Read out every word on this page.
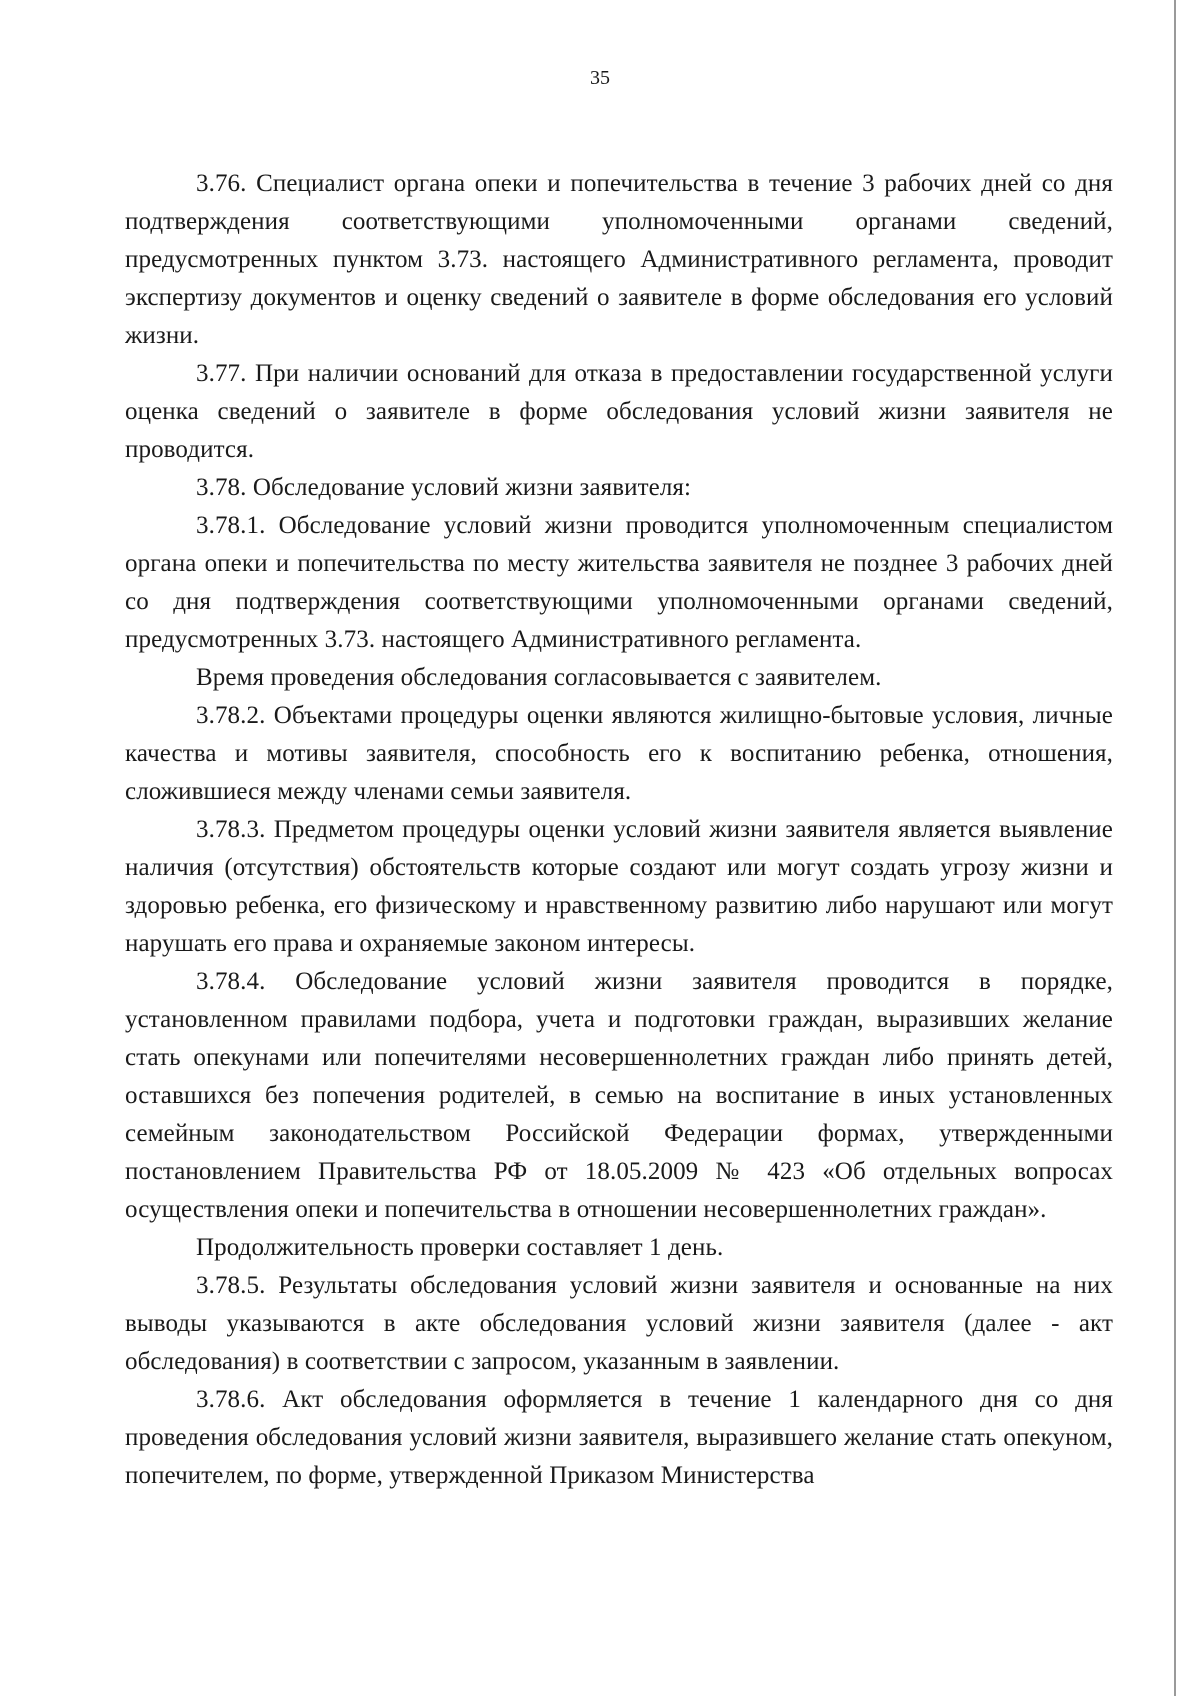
35

3.76. Специалист органа опеки и попечительства в течение 3 рабочих дней со дня подтверждения соответствующими уполномоченными органами сведений, предусмотренных пунктом 3.73. настоящего Административного регламента, проводит экспертизу документов и оценку сведений о заявителе в форме обследования его условий жизни.

3.77. При наличии оснований для отказа в предоставлении государственной услуги оценка сведений о заявителе в форме обследования условий жизни заявителя не проводится.

3.78. Обследование условий жизни заявителя:

3.78.1. Обследование условий жизни проводится уполномоченным специалистом органа опеки и попечительства по месту жительства заявителя не позднее 3 рабочих дней со дня подтверждения соответствующими уполномоченными органами сведений, предусмотренных 3.73. настоящего Административного регламента.

Время проведения обследования согласовывается с заявителем.

3.78.2. Объектами процедуры оценки являются жилищно-бытовые условия, личные качества и мотивы заявителя, способность его к воспитанию ребенка, отношения, сложившиеся между членами семьи заявителя.

3.78.3. Предметом процедуры оценки условий жизни заявителя является выявление наличия (отсутствия) обстоятельств которые создают или могут создать угрозу жизни и здоровью ребенка, его физическому и нравственному развитию либо нарушают или могут нарушать его права и охраняемые законом интересы.

3.78.4. Обследование условий жизни заявителя проводится в порядке, установленном правилами подбора, учета и подготовки граждан, выразивших желание стать опекунами или попечителями несовершеннолетних граждан либо принять детей, оставшихся без попечения родителей, в семью на воспитание в иных установленных семейным законодательством Российской Федерации формах, утвержденными постановлением Правительства РФ от 18.05.2009 № 423 «Об отдельных вопросах осуществления опеки и попечительства в отношении несовершеннолетних граждан».

Продолжительность проверки составляет 1 день.

3.78.5. Результаты обследования условий жизни заявителя и основанные на них выводы указываются в акте обследования условий жизни заявителя (далее - акт обследования) в соответствии с запросом, указанным в заявлении.

3.78.6. Акт обследования оформляется в течение 1 календарного дня со дня проведения обследования условий жизни заявителя, выразившего желание стать опекуном, попечителем, по форме, утвержденной Приказом Министерства
